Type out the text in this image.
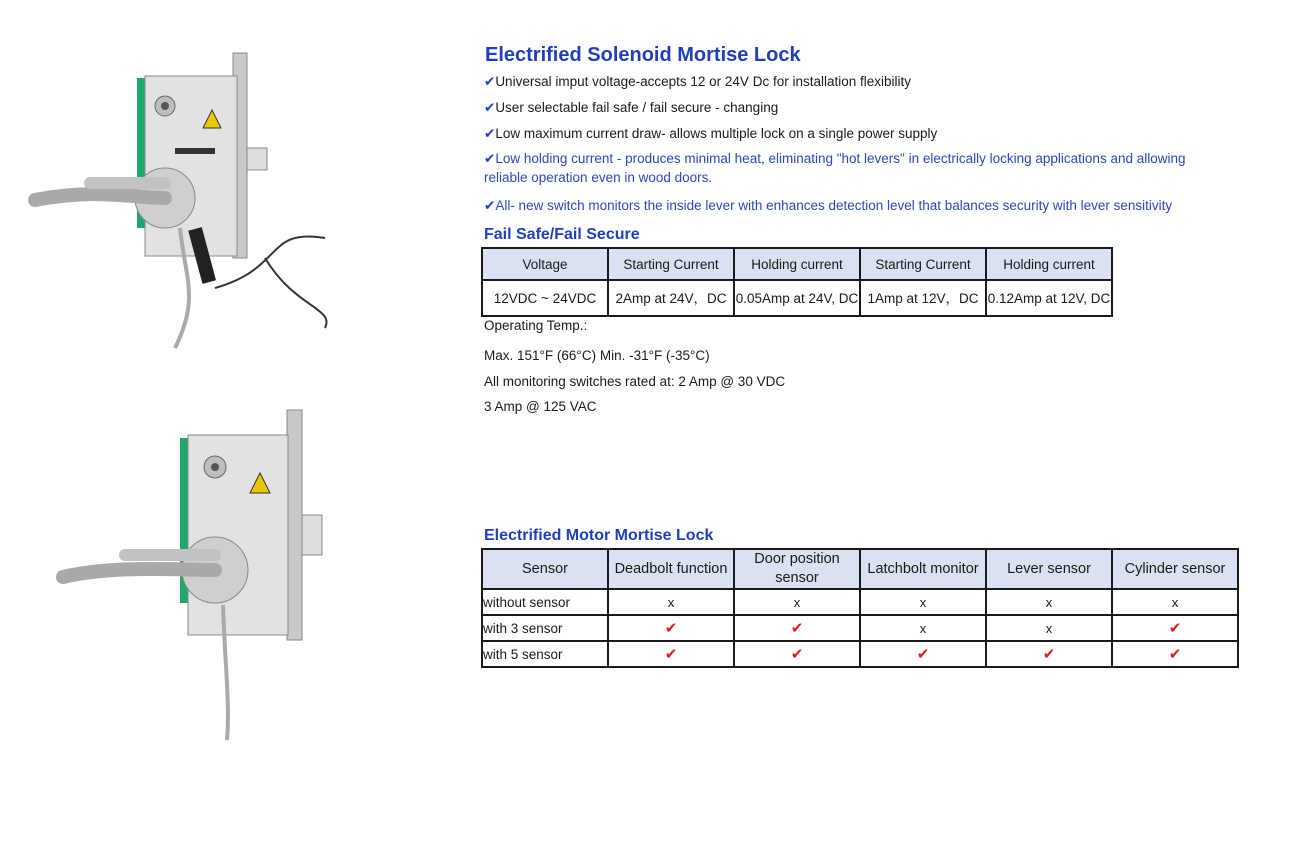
Electrified Solenoid Mortise Lock
✔Universal imput voltage-accepts 12 or 24V Dc for installation flexibility
✔User selectable fail safe / fail secure - changing
✔Low maximum current draw- allows multiple lock on a single power supply
✔Low holding current - produces minimal heat, eliminating "hot levers" in electrically locking applications and allowing
reliable operation even in wood doors.
✔All- new switch monitors the inside lever with enhances detection level that balances security with lever sensitivity
Fail Safe/Fail Secure
Voltage	Starting Current	Holding current	Starting Current	Holding current
12VDC ~ 24VDC	2Amp at 24V，DC	0.05Amp at 24V, DC	1Amp at 12V，DC	0.12Amp at 12V, DC
Operating Temp.:
Max. 151°F (66°C) Min. -31°F (-35°C)
All monitoring switches rated at: 2 Amp @ 30 VDC
3 Amp @ 125 VAC
Electrified Motor Mortise Lock
Sensor	Deadbolt function	Door position sensor	Latchbolt monitor	Lever sensor	Cylinder sensor
without sensor	x	x	x	x	x
with 3 sensor	✔	✔	x	x	✔
with 5 sensor	✔	✔	✔	✔	✔
